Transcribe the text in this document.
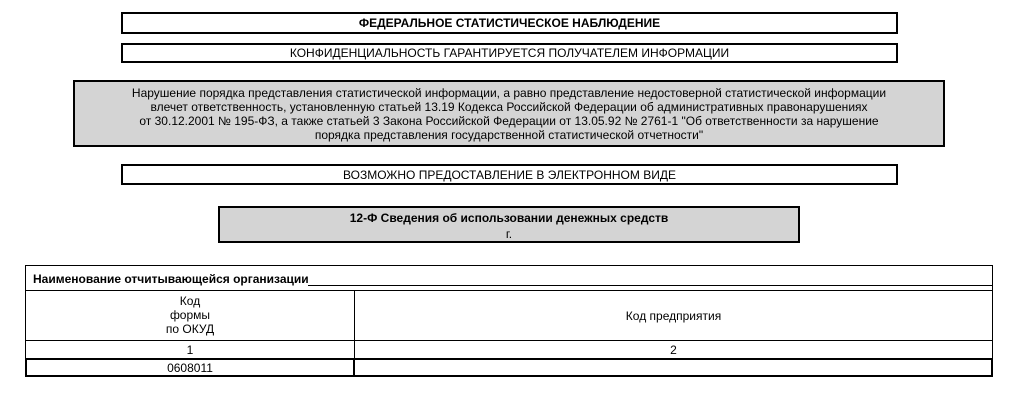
ФЕДЕРАЛЬНОЕ СТАТИСТИЧЕСКОЕ НАБЛЮДЕНИЕ
КОНФИДЕНЦИАЛЬНОСТЬ ГАРАНТИРУЕТСЯ ПОЛУЧАТЕЛЕМ ИНФОРМАЦИИ
Нарушение порядка представления статистической информации, а равно представление недостоверной статистической информации
влечет ответственность, установленную статьей 13.19 Кодекса Российской Федерации об административных правонарушениях
от 30.12.2001 № 195-ФЗ, а также статьей 3 Закона Российской Федерации от 13.05.92 № 2761-1 "Об ответственности за нарушение
порядка представления государственной статистической отчетности"
ВОЗМОЖНО ПРЕДОСТАВЛЕНИЕ В ЭЛЕКТРОННОМ ВИДЕ
12-Ф Сведения об использовании денежных средств
г.
Наименование отчитывающейся организации
Код
формы
по ОКУД
Код предприятия
1	2
0608011
